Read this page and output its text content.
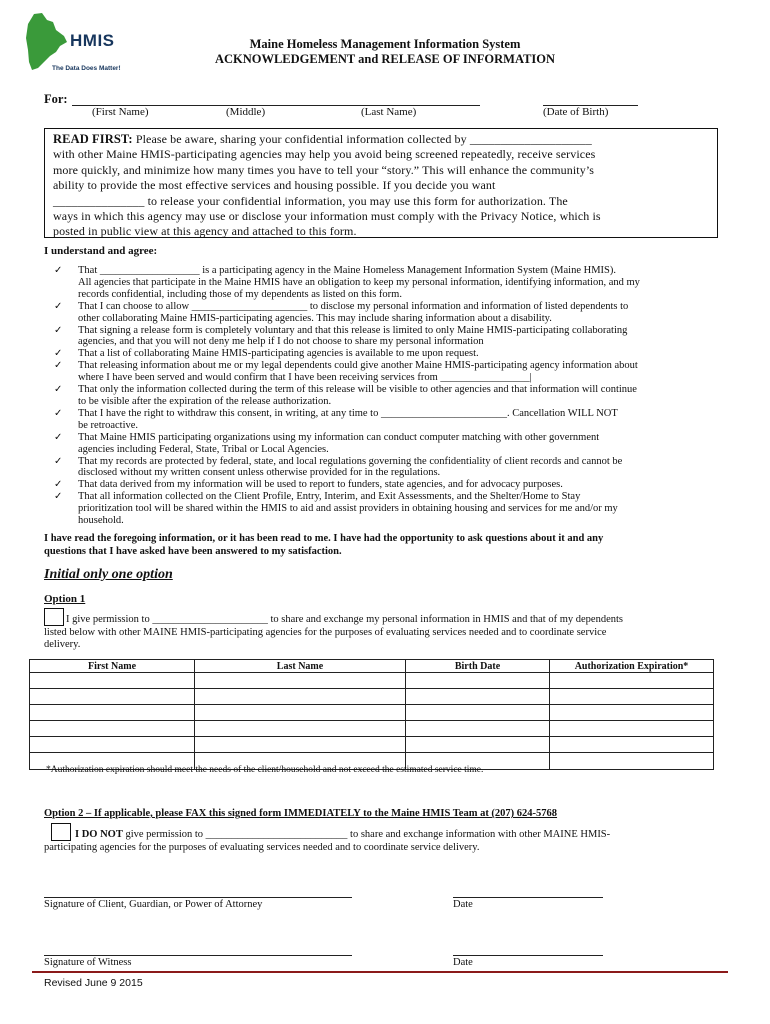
HMIS
The Data Does Matter!
Maine Homeless Management Information System
ACKNOWLEDGEMENT and RELEASE OF INFORMATION
For:
(First Name)	(Middle)	(Last Name)	(Date of Birth)
READ FIRST: Please be aware, sharing your confidential information collected by ____________________
with other Maine HMIS-participating agencies may help you avoid being screened repeatedly, receive services
more quickly, and minimize how many times you have to tell your “story.” This will enhance the community’s
ability to provide the most effective services and housing possible. If you decide you want
_______________ to release your confidential information, you may use this form for authorization. The
ways in which this agency may use or disclose your information must comply with the Privacy Notice, which is
posted in public view at this agency and attached to this form.
I understand and agree:
✓ That ___________________ is a participating agency in the Maine Homeless Management Information System (Maine HMIS).
All agencies that participate in the Maine HMIS have an obligation to keep my personal information, identifying information, and my
records confidential, including those of my dependents as listed on this form.
✓ That I can choose to allow ______________________ to disclose my personal information and information of listed dependents to
other collaborating Maine HMIS-participating agencies. This may include sharing information about a disability.
✓ That signing a release form is completely voluntary and that this release is limited to only Maine HMIS-participating collaborating
agencies, and that you will not deny me help if I do not choose to share my personal information
✓ That a list of collaborating Maine HMIS-participating agencies is available to me upon request.
✓ That releasing information about me or my legal dependents could give another Maine HMIS-participating agency information about
where I have been served and would confirm that I have been receiving services from _________________|
✓ That only the information collected during the term of this release will be visible to other agencies and that information will continue
to be visible after the expiration of the release authorization.
✓ That I have the right to withdraw this consent, in writing, at any time to ________________________. Cancellation WILL NOT
be retroactive.
✓ That Maine HMIS participating organizations using my information can conduct computer matching with other government
agencies including Federal, State, Tribal or Local Agencies.
✓ That my records are protected by federal, state, and local regulations governing the confidentiality of client records and cannot be
disclosed without my written consent unless otherwise provided for in the regulations.
✓ That data derived from my information will be used to report to funders, state agencies, and for advocacy purposes.
✓ That all information collected on the Client Profile, Entry, Interim, and Exit Assessments, and the Shelter/Home to Stay
prioritization tool will be shared within the HMIS to aid and assist providers in obtaining housing and services for me and/or my
household.
I have read the foregoing information, or it has been read to me. I have had the opportunity to ask questions about it and any
questions that I have asked have been answered to my satisfaction.
Initial only one option
Option 1
I give permission to ______________________ to share and exchange my personal information in HMIS and that of my dependents
listed below with other MAINE HMIS-participating agencies for the purposes of evaluating services needed and to coordinate service
delivery.
First Name	Last Name	Birth Date	Authorization Expiration*

*Authorization expiration should meet the needs of the client/household and not exceed the estimated service time.
Option 2 – If applicable, please FAX this signed form IMMEDIATELY to the Maine HMIS Team at (207) 624-5768
I DO NOT give permission to ___________________________ to share and exchange information with other MAINE HMIS-
participating agencies for the purposes of evaluating services needed and to coordinate service delivery.
Signature of Client, Guardian, or Power of Attorney	Date
Signature of Witness	Date
Revised June 9 2015
